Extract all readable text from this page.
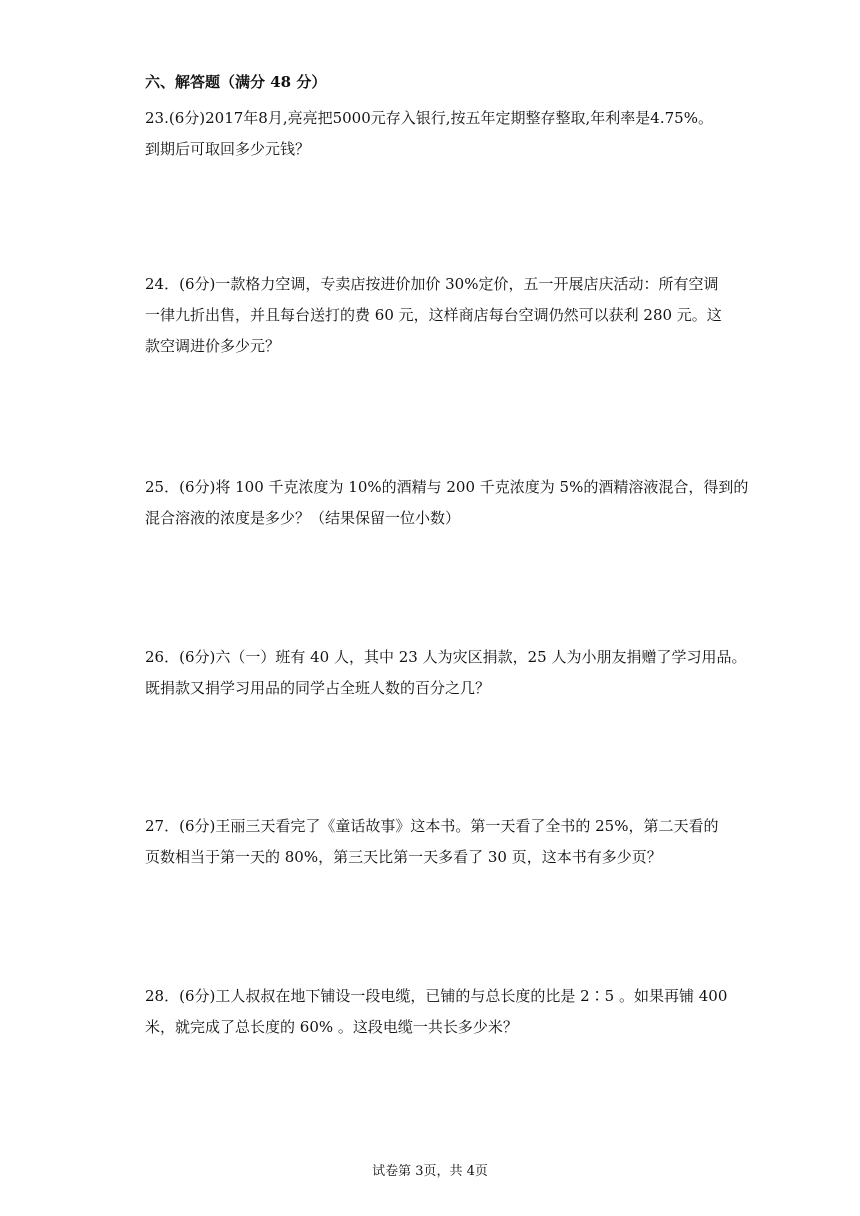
六、解答题（满分 48 分）
23.(6分)2017年8月,亮亮把5000元存入银行,按五年定期整存整取,年利率是4.75%。
到期后可取回多少元钱？
24．(6分)一款格力空调，专卖店按进价加价 30%定价，五一开展店庆活动：所有空调
一律九折出售，并且每台送打的费 60 元，这样商店每台空调仍然可以获利 280 元。这
款空调进价多少元？
25．(6分)将 100 千克浓度为 10%的酒精与 200 千克浓度为 5%的酒精溶液混合，得到的
混合溶液的浓度是多少？（结果保留一位小数）
26．(6分)六（一）班有 40 人，其中 23 人为灾区捐款，25 人为小朋友捐赠了学习用品。
既捐款又捐学习用品的同学占全班人数的百分之几？
27．(6分)王丽三天看完了《童话故事》这本书。第一天看了全书的 25%，第二天看的
页数相当于第一天的 80%，第三天比第一天多看了 30 页，这本书有多少页？
28．(6分)工人叔叔在地下铺设一段电缆，已铺的与总长度的比是 2∶5 。如果再铺 400
米，就完成了总长度的 60% 。这段电缆一共长多少米？
试卷第 3页，共 4页
